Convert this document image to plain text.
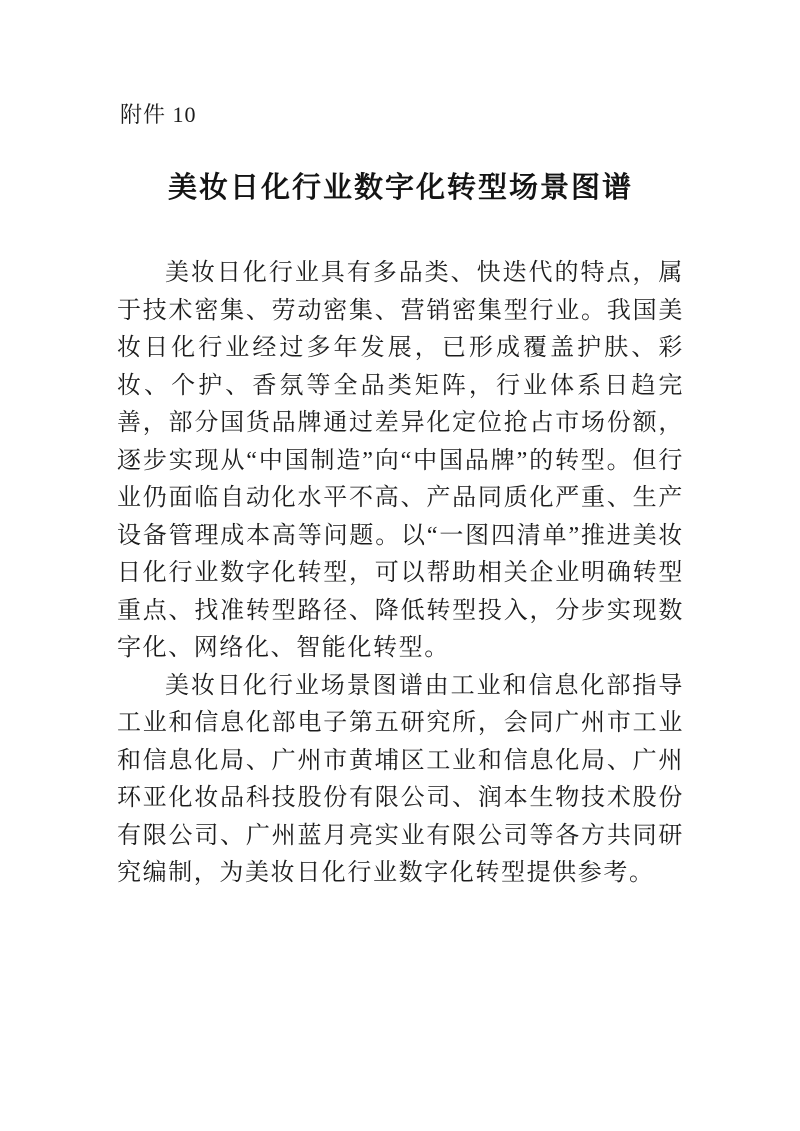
附件 10
美妆日化行业数字化转型场景图谱

美妆日化行业具有多品类、快迭代的特点，属于技术密集、劳动密集、营销密集型行业。我国美妆日化行业经过多年发展，已形成覆盖护肤、彩妆、个护、香氛等全品类矩阵，行业体系日趋完善，部分国货品牌通过差异化定位抢占市场份额，逐步实现从“中国制造”向“中国品牌”的转型。但行业仍面临自动化水平不高、产品同质化严重、生产设备管理成本高等问题。以“一图四清单”推进美妆日化行业数字化转型，可以帮助相关企业明确转型重点、找准转型路径、降低转型投入，分步实现数字化、网络化、智能化转型。

美妆日化行业场景图谱由工业和信息化部指导工业和信息化部电子第五研究所，会同广州市工业和信息化局、广州市黄埔区工业和信息化局、广州环亚化妆品科技股份有限公司、润本生物技术股份有限公司、广州蓝月亮实业有限公司等各方共同研究编制，为美妆日化行业数字化转型提供参考。
